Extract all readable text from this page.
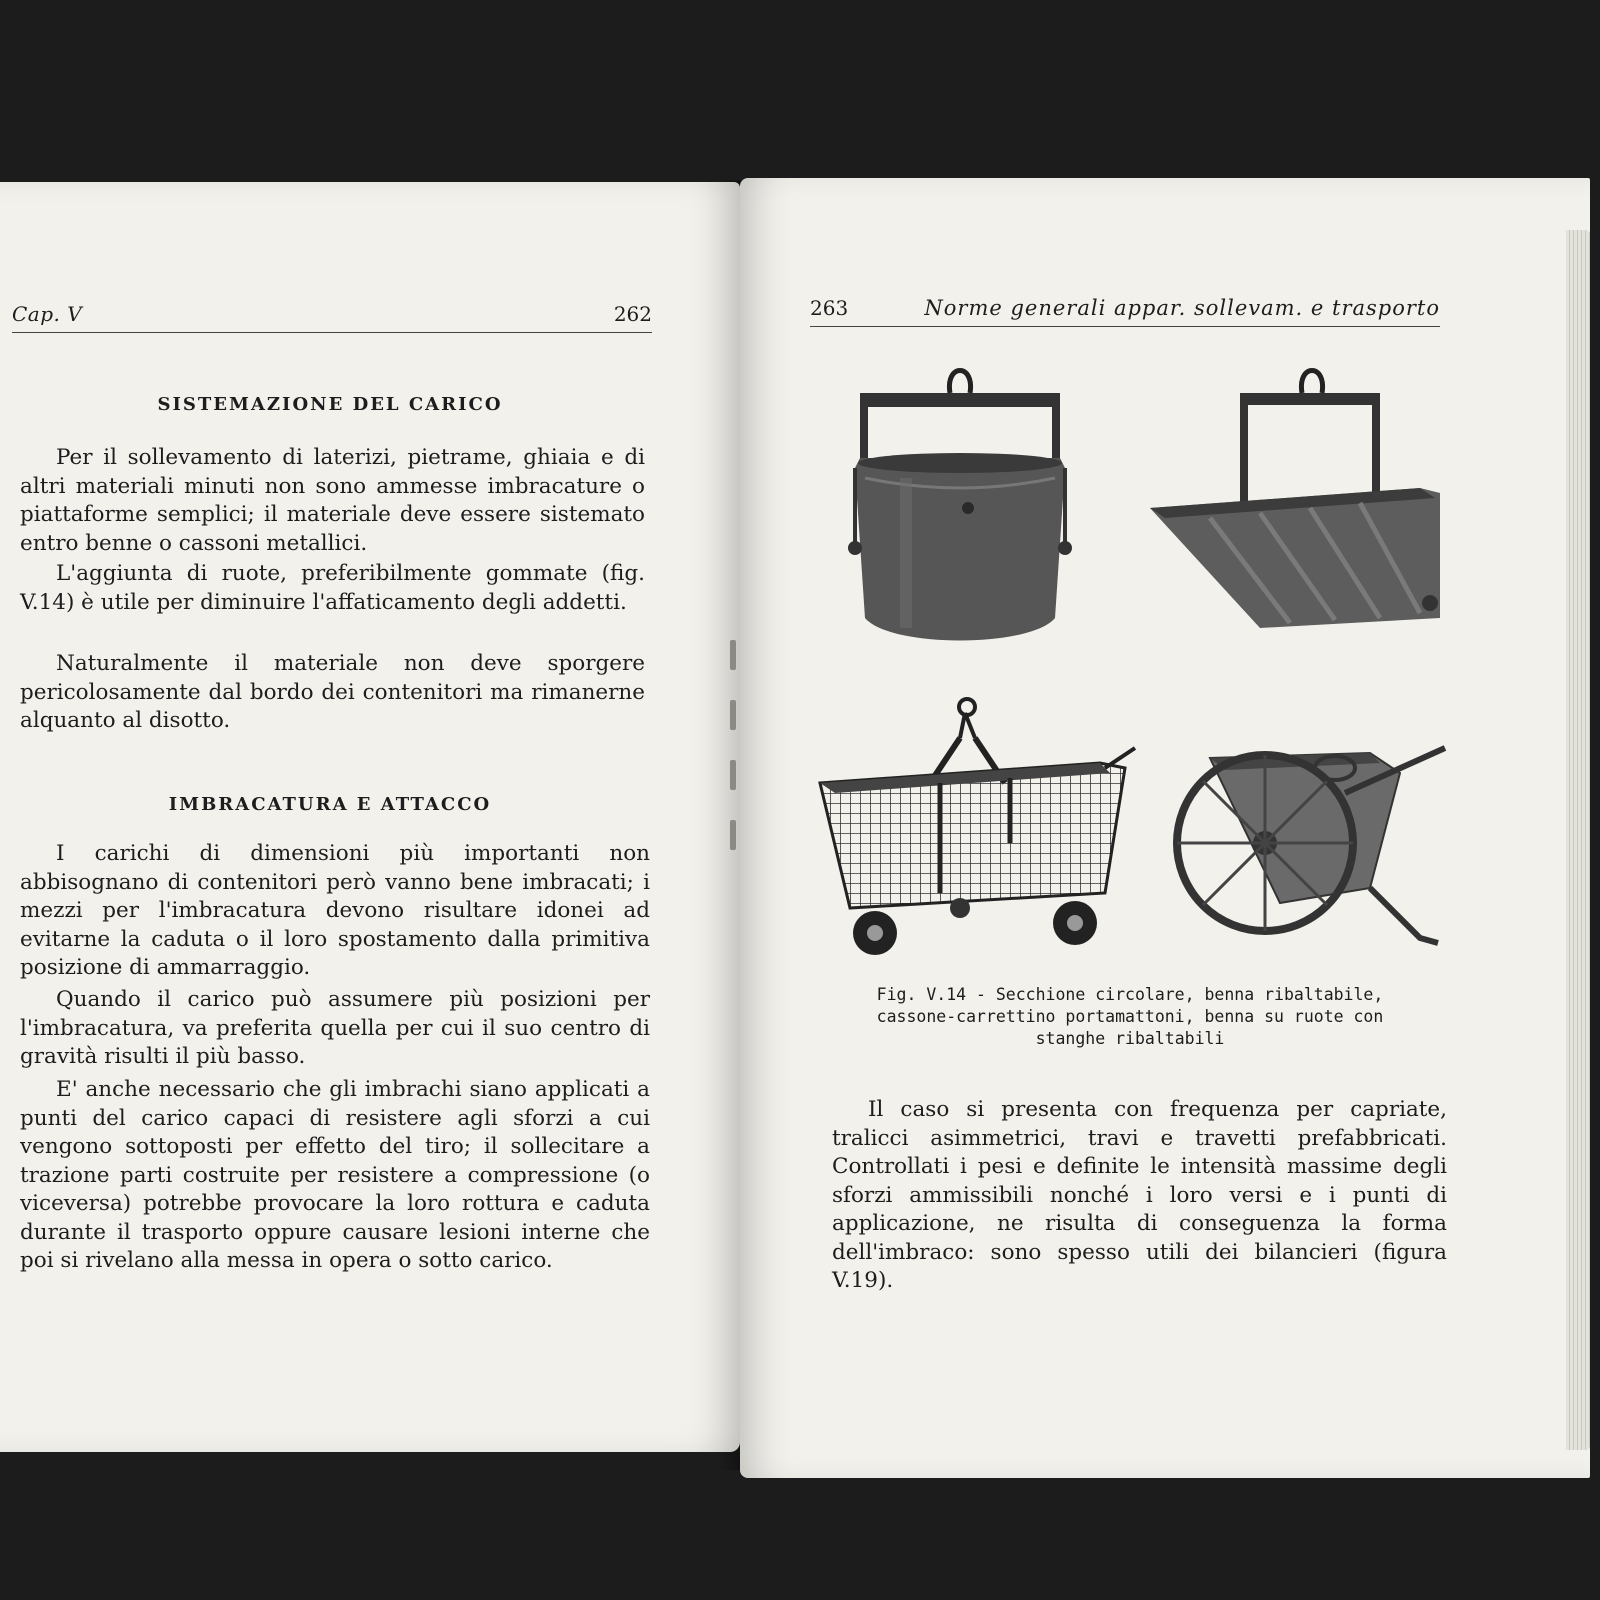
Cap. V	262
SISTEMAZIONE DEL CARICO
Per il sollevamento di laterizi, pietrame, ghiaia e di altri materiali minuti non sono ammesse imbracature o piattaforme semplici; il materiale deve essere sistemato entro benne o cassoni metallici.
L'aggiunta di ruote, preferibilmente gommate (fig. V.14) è utile per diminuire l'affaticamento degli addetti.
Naturalmente il materiale non deve sporgere pericolosamente dal bordo dei contenitori ma rimanerne alquanto al disotto.
IMBRACATURA E ATTACCO
I carichi di dimensioni più importanti non abbisognano di contenitori però vanno bene imbracati; i mezzi per l'imbracatura devono risultare idonei ad evitarne la caduta o il loro spostamento dalla primitiva posizione di ammarraggio.
Quando il carico può assumere più posizioni per l'imbracatura, va preferita quella per cui il suo centro di gravità risulti il più basso.
E' anche necessario che gli imbrachi siano applicati a punti del carico capaci di resistere agli sforzi a cui vengono sottoposti per effetto del tiro; il sollecitare a trazione parti costruite per resistere a compressione (o viceversa) potrebbe provocare la loro rottura e caduta durante il trasporto oppure causare lesioni interne che poi si rivelano alla messa in opera o sotto carico.
263	Norme generali appar. sollevam. e trasporto
Fig. V.14 - Secchione circolare, benna ribaltabile, cassone-carrettino portamattoni, benna su ruote con stanghe ribaltabili
Il caso si presenta con frequenza per capriate, tralicci asimmetrici, travi e travetti prefabbricati. Controllati i pesi e definite le intensità massime degli sforzi ammissibili nonché i loro versi e i punti di applicazione, ne risulta di conseguenza la forma dell'imbraco: sono spesso utili dei bilancieri (figura V.19).
